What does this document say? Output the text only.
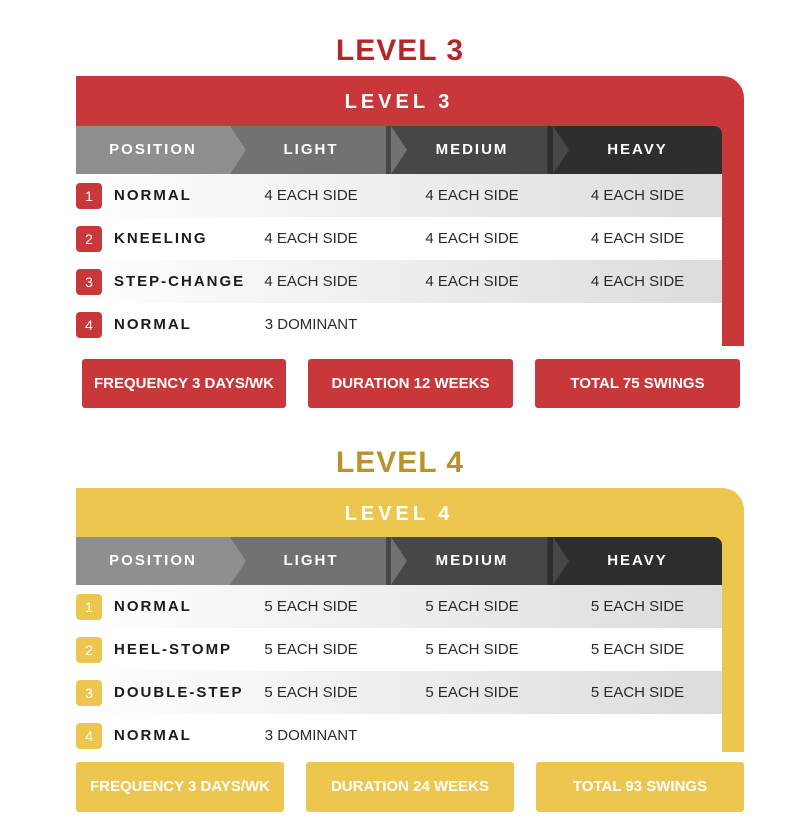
LEVEL 3
LEVEL 3
POSITION	LIGHT	MEDIUM	HEAVY
1	NORMAL	4 EACH SIDE	4 EACH SIDE	4 EACH SIDE
2	KNEELING	4 EACH SIDE	4 EACH SIDE	4 EACH SIDE
3	STEP-CHANGE	4 EACH SIDE	4 EACH SIDE	4 EACH SIDE
4	NORMAL	3 DOMINANT
FREQUENCY 3 DAYS/WK	DURATION 12 WEEKS	TOTAL 75 SWINGS
LEVEL 4
LEVEL 4
POSITION	LIGHT	MEDIUM	HEAVY
1	NORMAL	5 EACH SIDE	5 EACH SIDE	5 EACH SIDE
2	HEEL-STOMP	5 EACH SIDE	5 EACH SIDE	5 EACH SIDE
3	DOUBLE-STEP	5 EACH SIDE	5 EACH SIDE	5 EACH SIDE
4	NORMAL	3 DOMINANT
FREQUENCY 3 DAYS/WK	DURATION 24 WEEKS	TOTAL 93 SWINGS
